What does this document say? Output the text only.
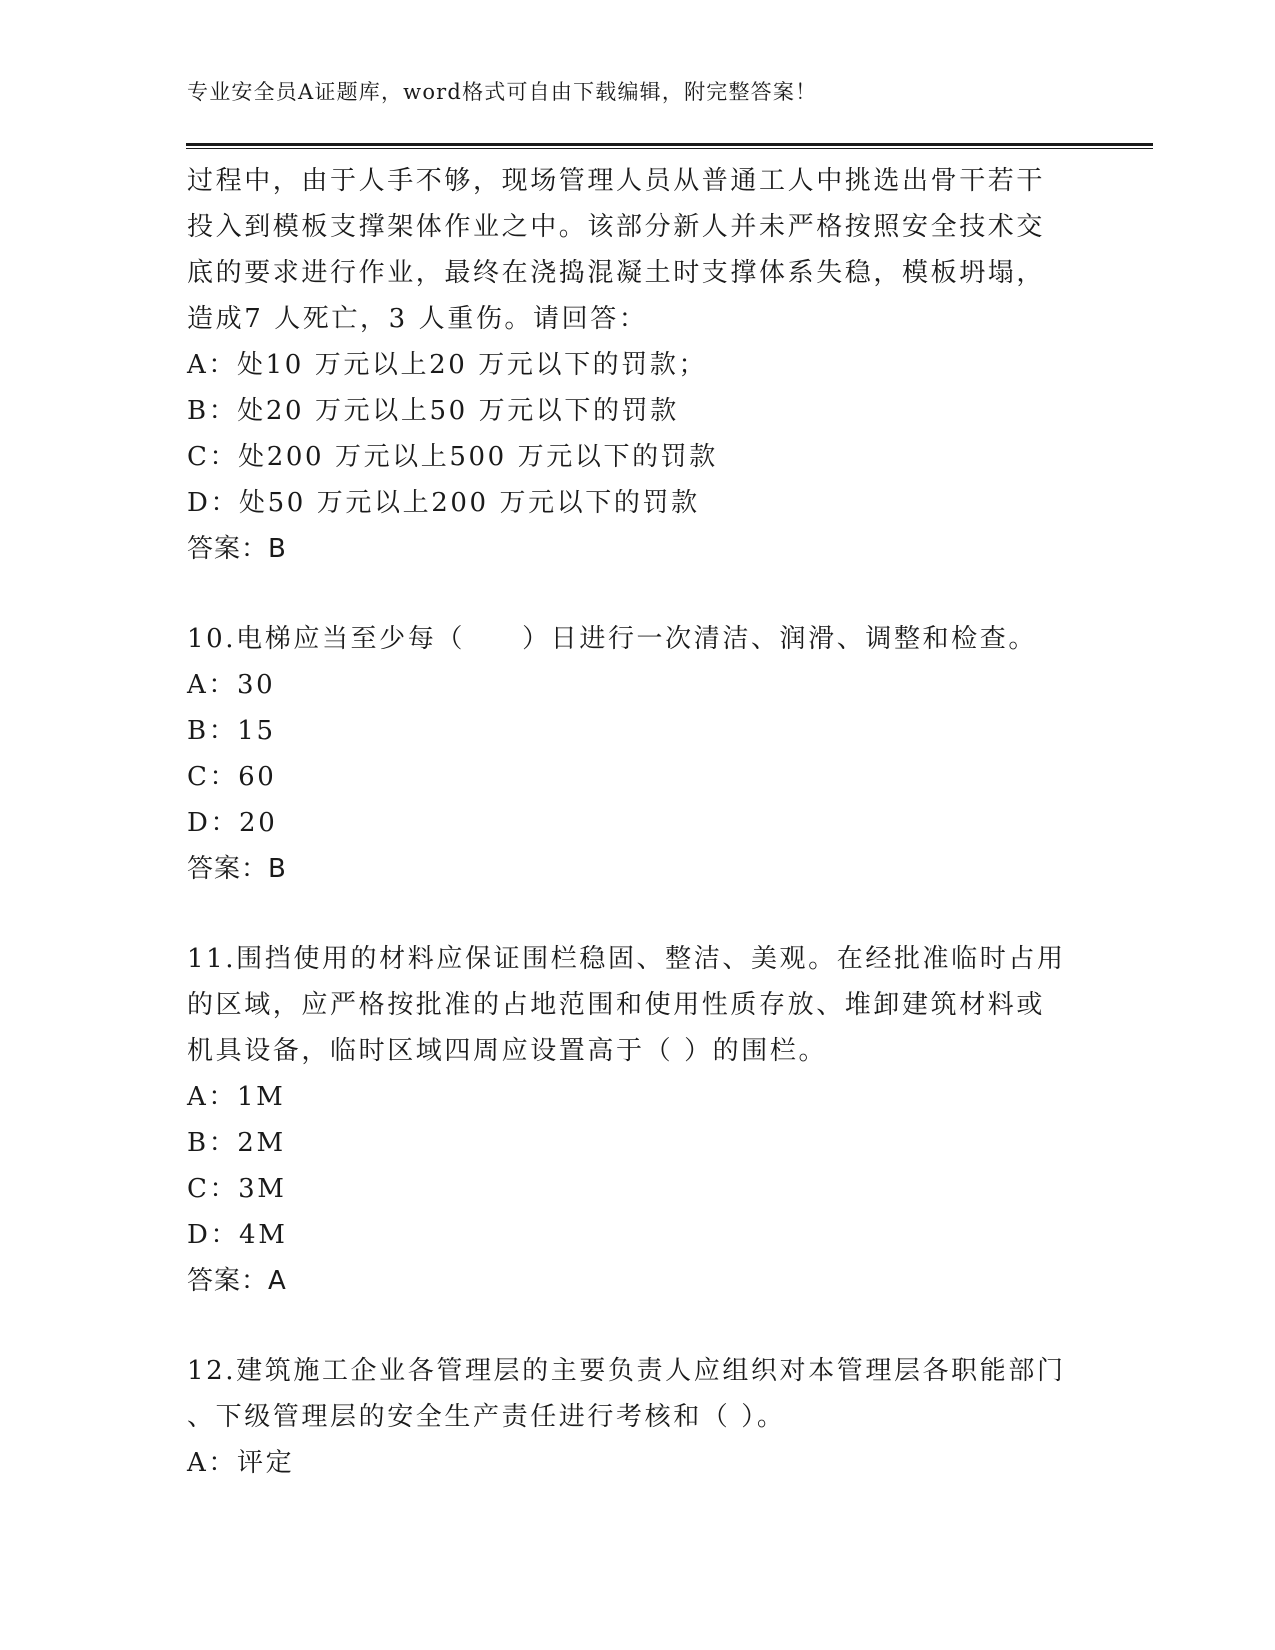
专业安全员A证题库，word格式可自由下载编辑，附完整答案！
过程中，由于人手不够，现场管理人员从普通工人中挑选出骨干若干
投入到模板支撑架体作业之中。该部分新人并未严格按照安全技术交
底的要求进行作业，最终在浇捣混凝土时支撑体系失稳，模板坍塌，
造成7 人死亡，3 人重伤。请回答：
A：处10 万元以上20 万元以下的罚款；
B：处20 万元以上50 万元以下的罚款
C：处200 万元以上500 万元以下的罚款
D：处50 万元以上200 万元以下的罚款
答案：B
10.电梯应当至少每（　　）日进行一次清洁、润滑、调整和检查。
A：30
B：15
C：60
D：20
答案：B
11.围挡使用的材料应保证围栏稳固、整洁、美观。在经批准临时占用
的区域，应严格按批准的占地范围和使用性质存放、堆卸建筑材料或
机具设备，临时区域四周应设置高于（ ）的围栏。
A：1M
B：2M
C：3M
D：4M
答案：A
12.建筑施工企业各管理层的主要负责人应组织对本管理层各职能部门
、下级管理层的安全生产责任进行考核和（ ）。
A：评定
